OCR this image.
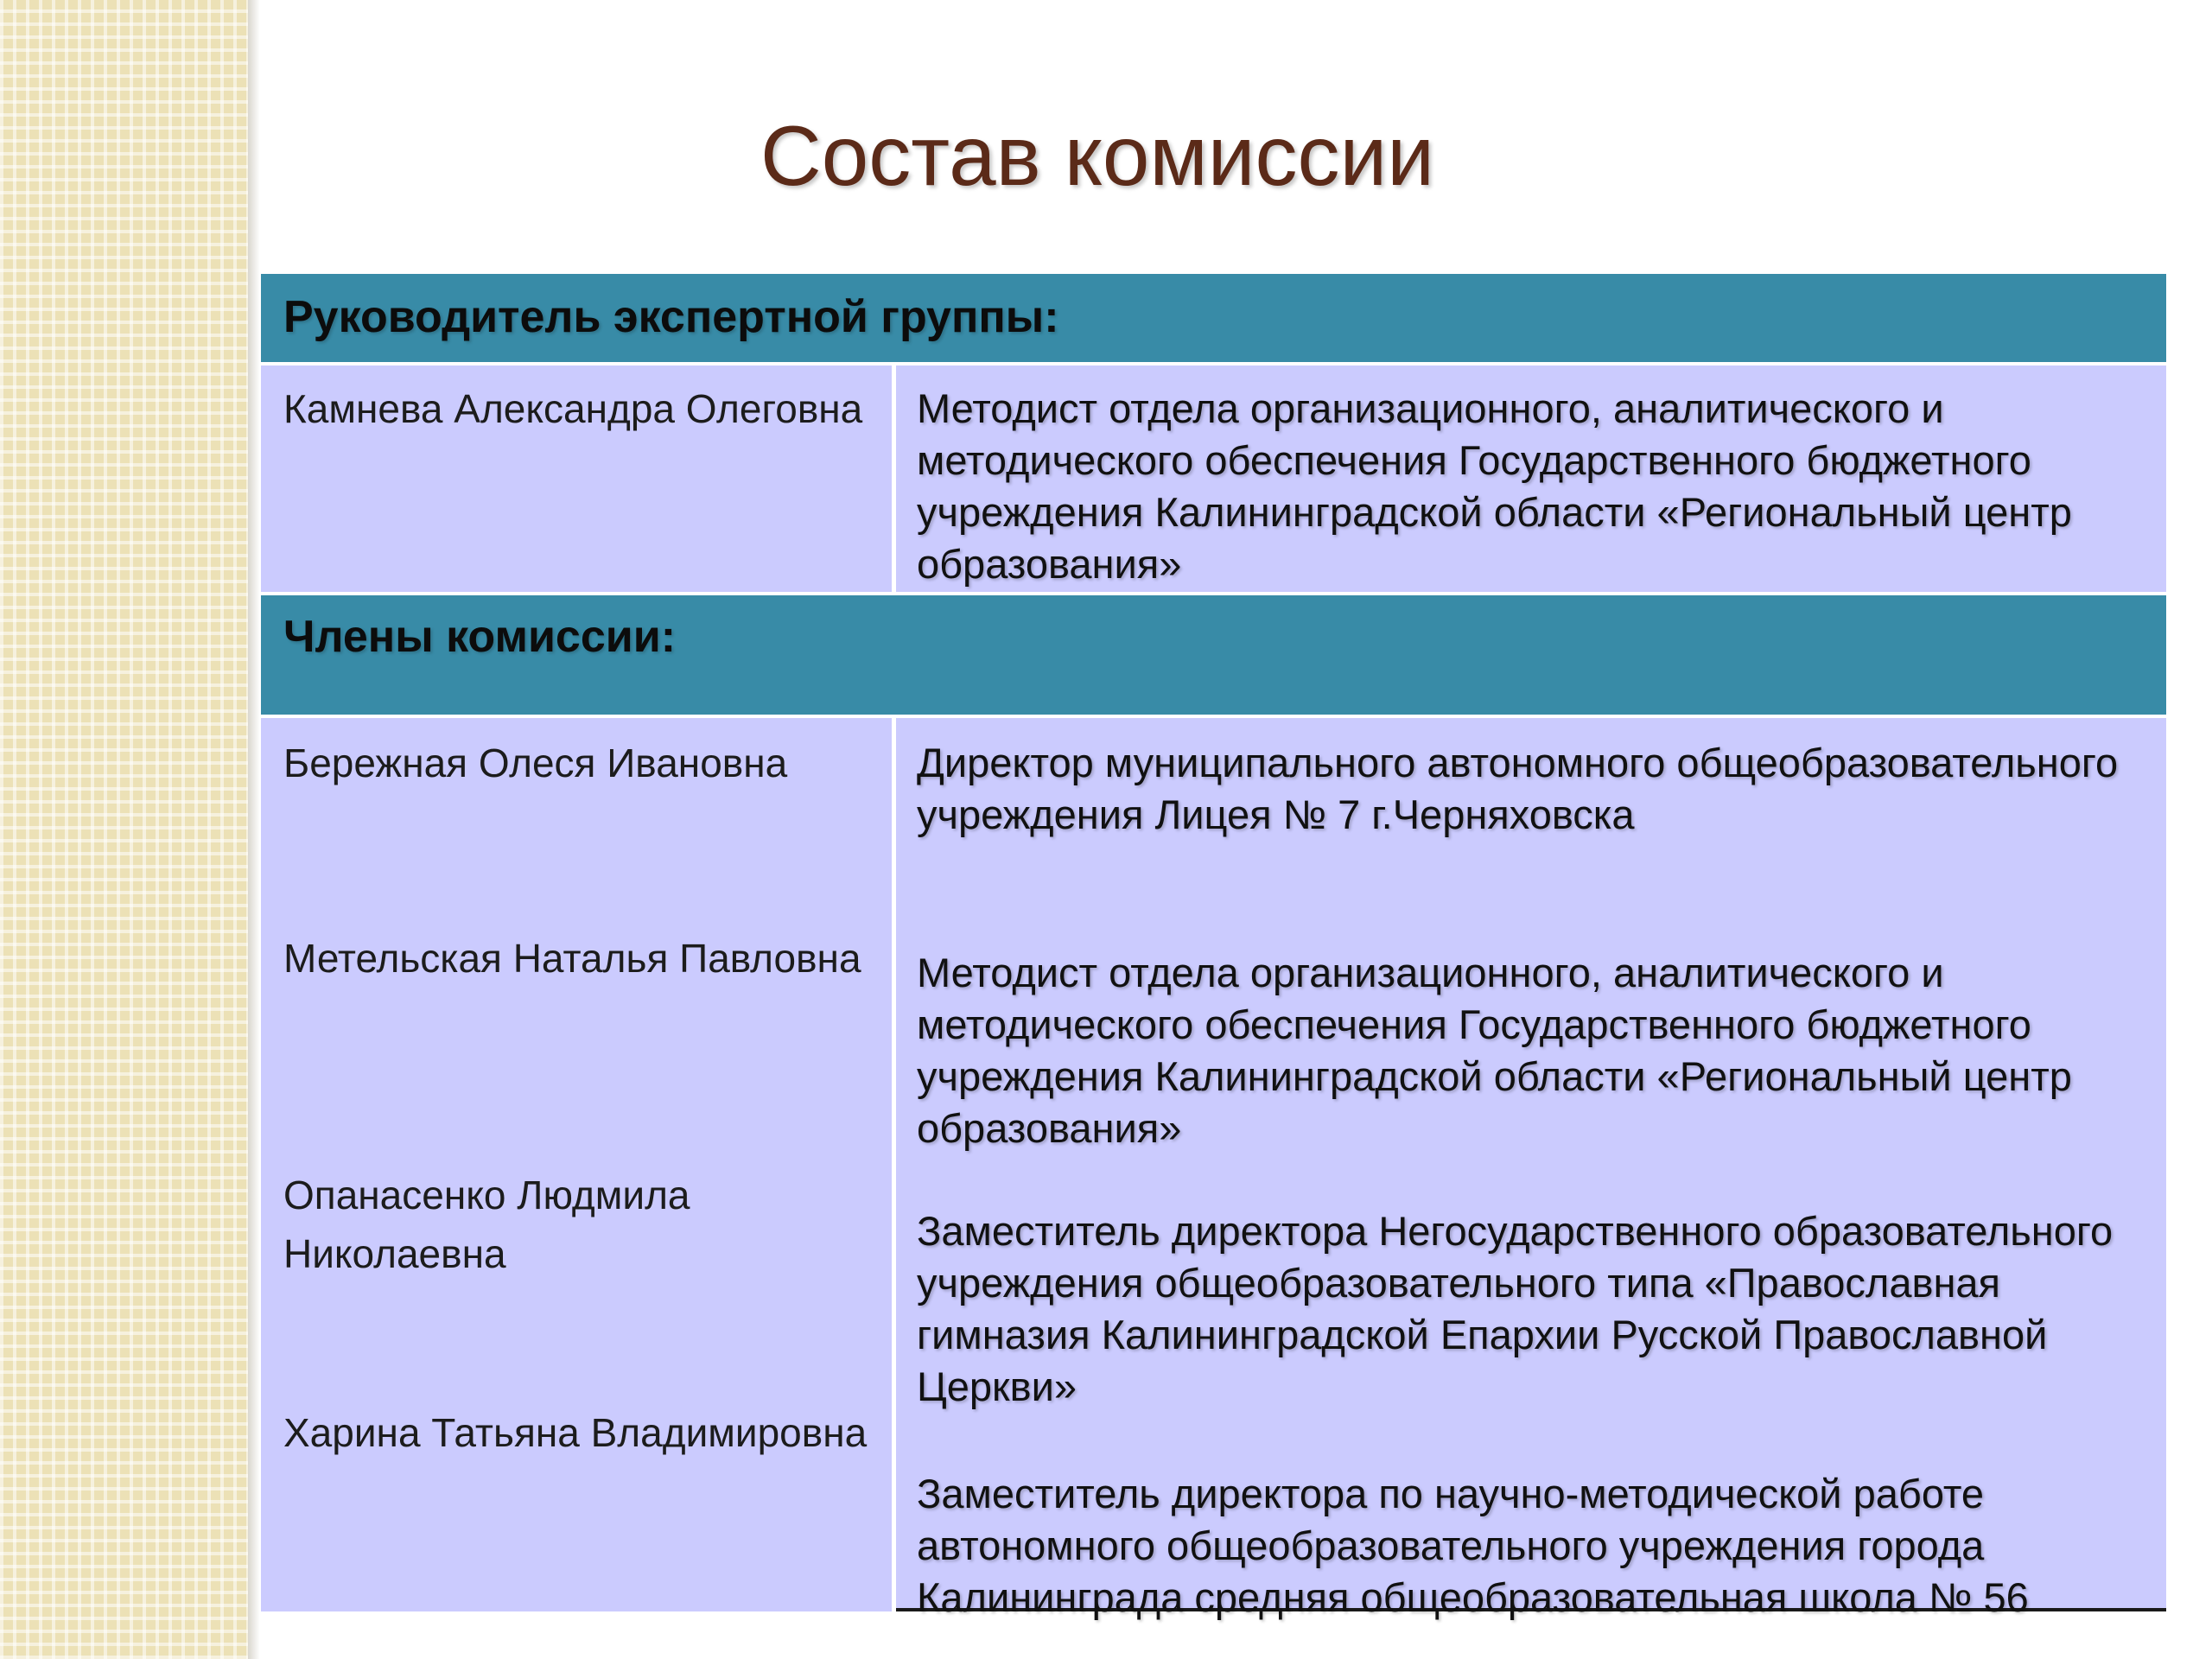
Состав комиссии
Руководитель экспертной группы:
Камнева Александра Олеговна	Методист отдела организационного, аналитического и методического обеспечения Государственного бюджетного учреждения Калининградской области «Региональный центр образования»
Члены комиссии:
Бережная Олеся Ивановна
Метельская Наталья Павловна
Опанасенко Людмила Николаевна
Харина Татьяна Владимировна
Директор муниципального автономного общеобразовательного учреждения Лицея № 7 г.Черняховска
Методист отдела организационного, аналитического и методического обеспечения Государственного бюджетного учреждения Калининградской области «Региональный центр образования»
Заместитель директора Негосударственного образовательного учреждения общеобразовательного типа «Православная гимназия Калининградской Епархии Русской Православной Церкви»
Заместитель директора по научно-методической работе автономного общеобразовательного учреждения города Калининграда средняя общеобразовательная школа № 56
